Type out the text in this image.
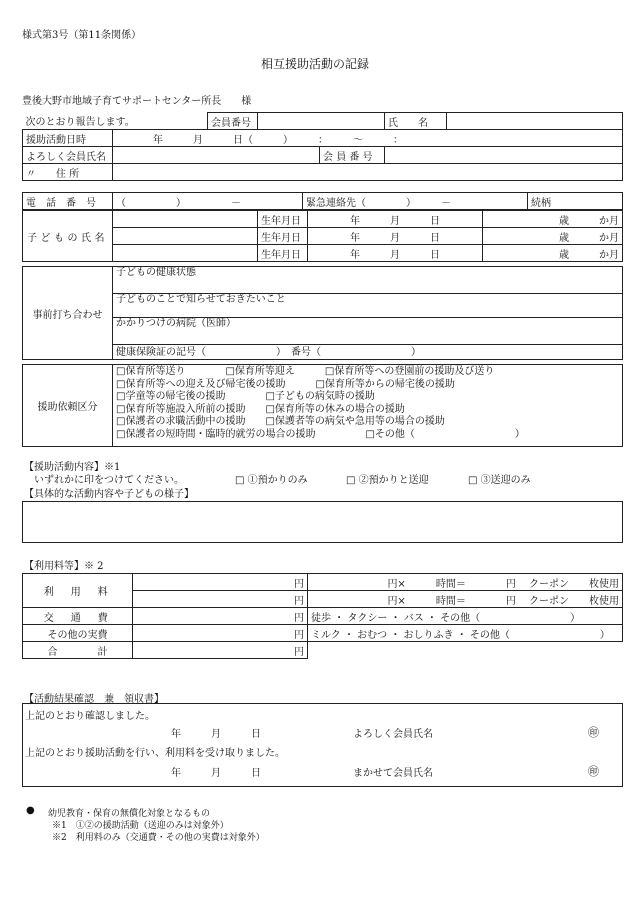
様式第3号（第11条関係）
相互援助活動の記録
豊後大野市地域子育てサポートセンター所長　　様
次のとおり報告します。		会員番号			氏　　名	
援助活動日時	年　　　月　　　日（　　　）　　　：　　　～　　　：					
よろしく会員氏名				会 員 番 号		
〃　　住 所						
電　話　番　号	（　　　　　）　　　　　－	緊急連絡先（　　　　）　　　－	続柄
子どもの氏名		生年月日	年　　　月　　　日	歳　　　か月
		生年月日	年　　　月　　　日	歳　　　か月
		生年月日	年　　　月　　　日	歳　　　か月
事前打ち合わせ	子どもの健康状態
子どものことで知らせておきたいこと
かかりつけの病院（医師）
健康保険証の記号（　　　　　　　）　番号（　　　　　　　　　）
援助依頼区分	
□保育所等送り　　　　□保育所等迎え　　　□保育所等への登園前の援助及び送り
□保育所等への迎え及び帰宅後の援助　　　□保育所等からの帰宅後の援助
□学童等の帰宅後の援助　　　　□子どもの病気時の援助
□保育所等施設入所前の援助　　□保育所等の休みの場合の援助
□保護者の求職活動中の援助　　□保護者等の病気や急用等の場合の援助
□保護者の短時間・臨時的就労の場合の援助　　　　　□その他（　　　　　　　　　　）
【援助活動内容】※1
いずれかに印をつけてください。	□ ①預かりのみ	□ ②預かりと送迎	□ ③送迎のみ
【具体的な活動内容や子どもの様子】
【利用料等】※ 2
利　用　料	円	円×　　　時間＝　　　　円　 クーポン　　枚使用
	円	円×　　　時間＝　　　　円　 クーポン　　枚使用
交　通　費	円	徒歩 ・ タクシー ・ バス ・ その他（　　　　　　　　　）
その他の実費	円	ミルク ・ おむつ ・ おしりふき ・ その他（　　　　　　　　　）
合　　　　計	円	
【活動結果確認　兼　領収書】
上記のとおり確認しました。
年　　　月　　　日	よろしく会員氏名	㊞
上記のとおり援助活動を行い、利用料を受け取りました。
年　　　月　　　日	まかせて会員氏名	㊞
● 幼児教育・保育の無償化対象となるもの
※1　①②の援助活動（送迎のみは対象外）
※2　利用料のみ（交通費・その他の実費は対象外）
